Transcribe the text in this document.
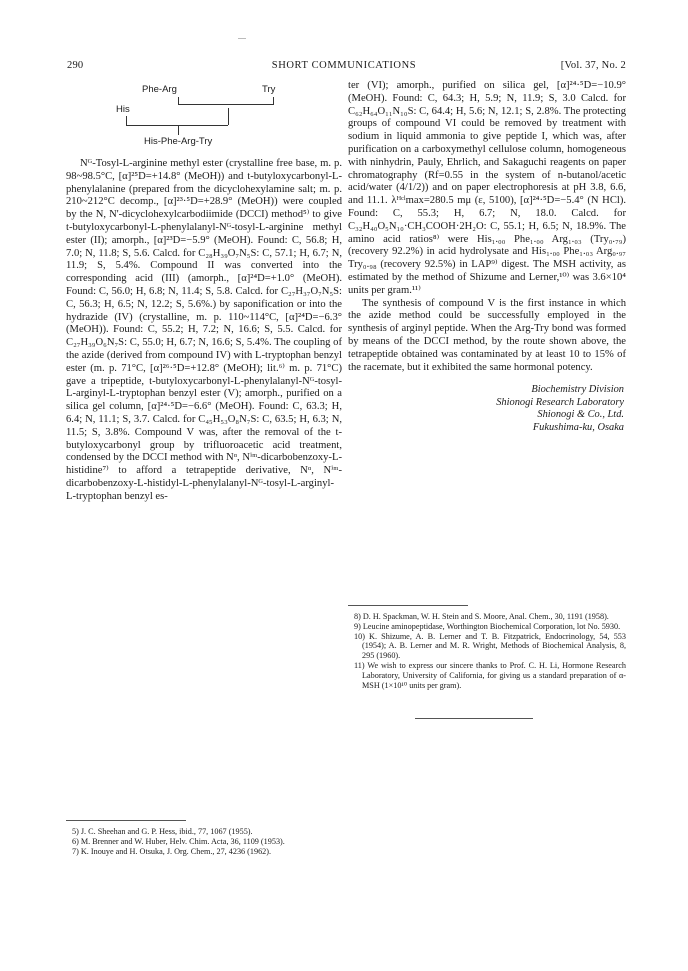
290	SHORT COMMUNICATIONS	[Vol. 37, No. 2
Phe-Arg	Try
His
His-Phe-Arg-Try

Nᴳ-Tosyl-L-arginine methyl ester (crystalline free base, m. p. 98~98.5°C, [α]²⁵D=+14.8° (MeOH)) and t-butyloxycarbonyl-L-phenylalanine (prepared from the dicyclohexylamine salt; m. p. 210~212°C decomp., [α]²³·⁵D=+28.9° (MeOH)) were coupled by the N, N'-dicyclohexylcarbodiimide (DCCI) method⁵⁾ to give t-butyloxycarbonyl-L-phenylalanyl-Nᴳ-tosyl-L-arginine methyl ester (II); amorph., [α]²³D=−5.9° (MeOH). Found: C, 56.8; H, 7.0; N, 11.8; S, 5.6. Calcd. for C₂₈H₃₉O₇N₅S: C, 57.1; H, 6.7; N, 11.9; S, 5.4%. Compound II was converted into the corresponding acid (III) (amorph., [α]²⁴D=+1.0° (MeOH). Found: C, 56.0; H, 6.8; N, 11.4; S, 5.8. Calcd. for C₂₇H₃₇O₇N₅S: C, 56.3; H, 6.5; N, 12.2; S, 5.6%.) by saponification or into the hydrazide (IV) (crystalline, m. p. 110~114°C, [α]²⁴D=−6.3° (MeOH)). Found: C, 55.2; H, 7.2; N, 16.6; S, 5.5. Calcd. for C₂₇H₃₉O₆N₇S: C, 55.0; H, 6.7; N, 16.6; S, 5.4%. The coupling of the azide (derived from compound IV) with L-tryptophan benzyl ester (m. p. 71°C, [α]²⁶·⁵D=+12.8° (MeOH); lit.⁶⁾ m. p. 71°C) gave a tripeptide, t-butyloxycarbonyl-L-phenylalanyl-Nᴳ-tosyl-L-arginyl-L-tryptophan benzyl ester (V); amorph., purified on a silica gel column, [α]²⁴·⁵D=−6.6° (MeOH). Found: C, 63.3; H, 6.4; N, 11.1; S, 3.7. Calcd. for C₄₅H₅₃O₈N₇S: C, 63.5; H, 6.3; N, 11.5; S, 3.8%. Compound V was, after the removal of the t-butyloxycarbonyl group by trifluoroacetic acid treatment, condensed by the DCCI method with Nᵅ, Nⁱᵐ-dicarbobenzoxy-L-histidine⁷⁾ to afford a tetrapeptide derivative, Nᵅ, Nⁱᵐ-dicarbobenzoxy-L-histidyl-L-phenylalanyl-Nᴳ-tosyl-L-arginyl-L-tryptophan benzyl es-

ter (VI); amorph., purified on silica gel, [α]²⁴·⁵D=−10.9° (MeOH). Found: C, 64.3; H, 5.9; N, 11.9; S, 3.0 Calcd. for C₆₂H₆₄O₁₁N₁₀S: C, 64.4; H, 5.6; N, 12.1; S, 2.8%. The protecting groups of compound VI could be removed by treatment with sodium in liquid ammonia to give peptide I, which was, after purification on a carboxymethyl cellulose column, homogeneous with ninhydrin, Pauly, Ehrlich, and Sakaguchi reagents on paper chromatography (Rf=0.55 in the system of n-butanol/acetic acid/water (4/1/2)) and on paper electrophoresis at pH 3.8, 6.6, and 11.1. λᴴᶜˡmax=280.5 mμ (ε, 5100), [α]²⁴·⁵D=−5.4° (N HCl). Found: C, 55.3; H, 6.7; N, 18.0. Calcd. for C₃₂H₄₀O₅N₁₀·CH₃COOH·2H₂O: C, 55.1; H, 6.5; N, 18.9%. The amino acid ratios⁸⁾ were His₁.₀₀ Phe₁.₀₀ Arg₁.₀₃ (Try₀.₇₉) (recovery 92.2%) in acid hydrolysate and His₁.₀₀ Phe₁.₀₃ Arg₀.₉₇ Try₀.₉₈ (recovery 92.5%) in LAP⁹⁾ digest. The MSH activity, as estimated by the method of Shizume and Lerner,¹⁰⁾ was 3.6×10⁴ units per gram.¹¹⁾

The synthesis of compound V is the first instance in which the azide method could be successfully employed in the synthesis of arginyl peptide. When the Arg-Try bond was formed by means of the DCCI method, by the route shown above, the tetrapeptide obtained was contaminated by at least 10 to 15% of the racemate, but it exhibited the same hormonal potency.

Biochemistry Division
Shionogi Research Laboratory
Shionogi & Co., Ltd.
Fukushima-ku, Osaka

5) J. C. Sheehan and G. P. Hess, ibid., 77, 1067 (1955).

6) M. Brenner and W. Huber, Helv. Chim. Acta, 36, 1109 (1953).

7) K. Inouye and H. Otsuka, J. Org. Chem., 27, 4236 (1962).

8) D. H. Spackman, W. H. Stein and S. Moore, Anal. Chem., 30, 1191 (1958).

9) Leucine aminopeptidase, Worthington Biochemical Corporation, lot No. 5930.

10) K. Shizume, A. B. Lerner and T. B. Fitzpatrick, Endocrinology, 54, 553 (1954); A. B. Lerner and M. R. Wright, Methods of Biochemical Analysis, 8, 295 (1960).

11) We wish to express our sincere thanks to Prof. C. H. Li, Hormone Research Laboratory, University of California, for giving us a standard preparation of α-MSH (1×10¹⁰ units per gram).
